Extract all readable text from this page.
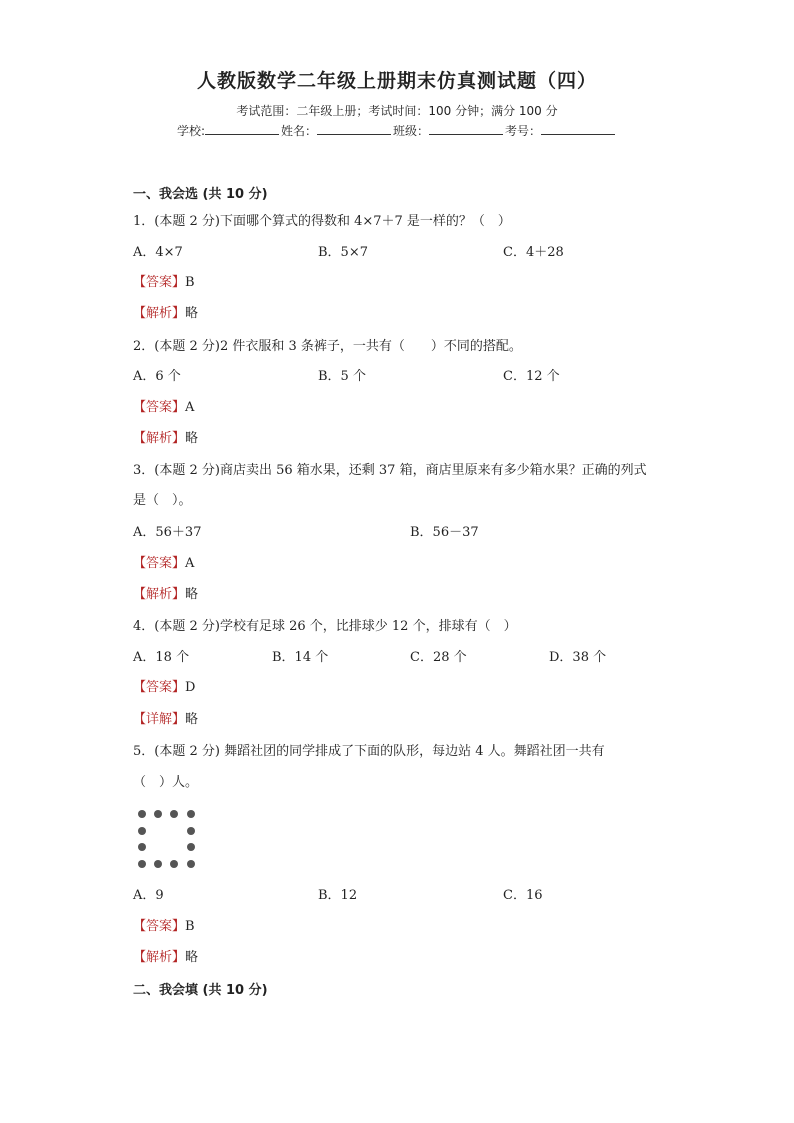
人教版数学二年级上册期末仿真测试题（四）
考试范围：二年级上册；考试时间：100 分钟；满分 100 分
学校:	姓名：	班级：	考号：
一、我会选 (共 10 分)
1．(本题 2 分)下面哪个算式的得数和 4×7＋7 是一样的？（　）
A．4×7	B．5×7	C．4＋28
【答案】B
【解析】略
2．(本题 2 分)2 件衣服和 3 条裤子，一共有（　　）不同的搭配。
A．6 个	B．5 个	C．12 个
【答案】A
【解析】略
3．(本题 2 分)商店卖出 56 箱水果，还剩 37 箱，商店里原来有多少箱水果？正确的列式
是（　）。
A．56＋37	B．56－37
【答案】A
【解析】略
4．(本题 2 分)学校有足球 26 个，比排球少 12 个，排球有（　）
A．18 个	B．14 个	C．28 个	D．38 个
【答案】D
【详解】略
5．(本题 2 分) 舞蹈社团的同学排成了下面的队形，每边站 4 人。舞蹈社团一共有
（　）人。
A．9	B．12	C．16
【答案】B
【解析】略
二、我会填 (共 10 分)
